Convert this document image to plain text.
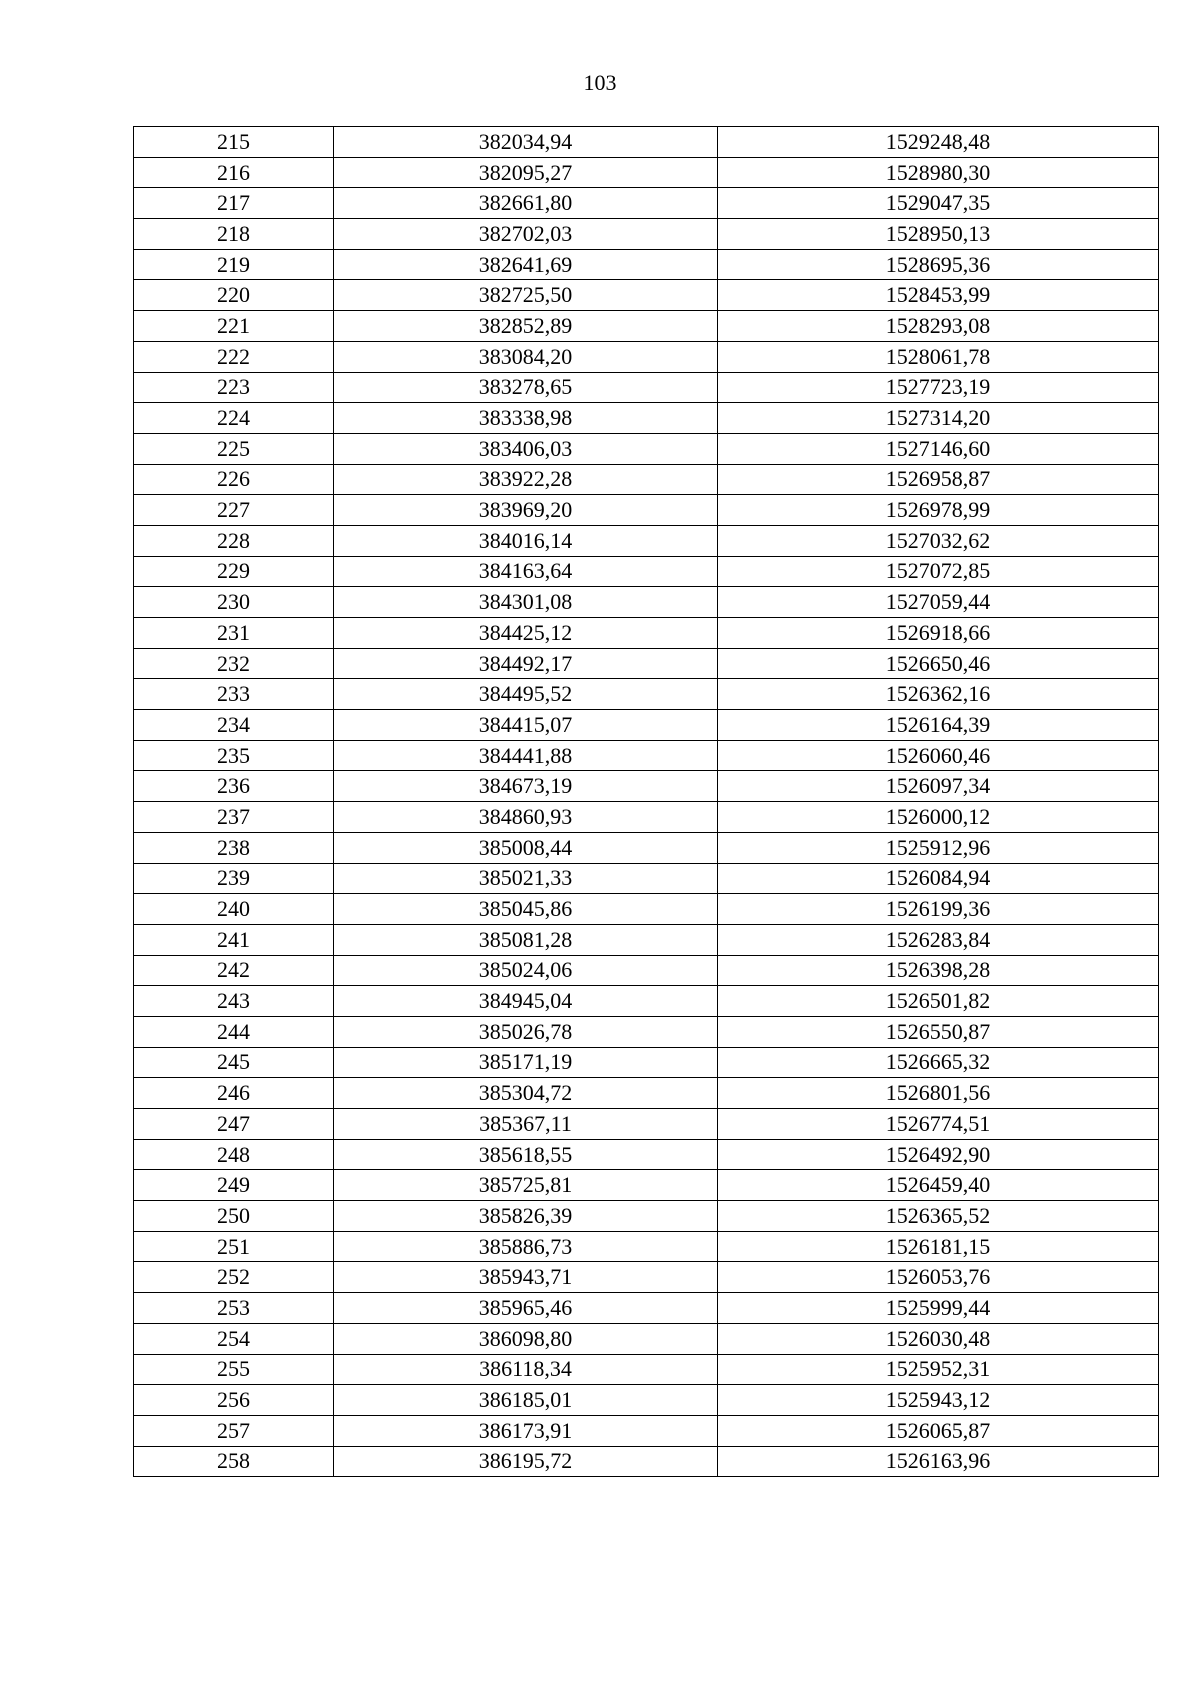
103
215	382034,94	1529248,48
216	382095,27	1528980,30
217	382661,80	1529047,35
218	382702,03	1528950,13
219	382641,69	1528695,36
220	382725,50	1528453,99
221	382852,89	1528293,08
222	383084,20	1528061,78
223	383278,65	1527723,19
224	383338,98	1527314,20
225	383406,03	1527146,60
226	383922,28	1526958,87
227	383969,20	1526978,99
228	384016,14	1527032,62
229	384163,64	1527072,85
230	384301,08	1527059,44
231	384425,12	1526918,66
232	384492,17	1526650,46
233	384495,52	1526362,16
234	384415,07	1526164,39
235	384441,88	1526060,46
236	384673,19	1526097,34
237	384860,93	1526000,12
238	385008,44	1525912,96
239	385021,33	1526084,94
240	385045,86	1526199,36
241	385081,28	1526283,84
242	385024,06	1526398,28
243	384945,04	1526501,82
244	385026,78	1526550,87
245	385171,19	1526665,32
246	385304,72	1526801,56
247	385367,11	1526774,51
248	385618,55	1526492,90
249	385725,81	1526459,40
250	385826,39	1526365,52
251	385886,73	1526181,15
252	385943,71	1526053,76
253	385965,46	1525999,44
254	386098,80	1526030,48
255	386118,34	1525952,31
256	386185,01	1525943,12
257	386173,91	1526065,87
258	386195,72	1526163,96
